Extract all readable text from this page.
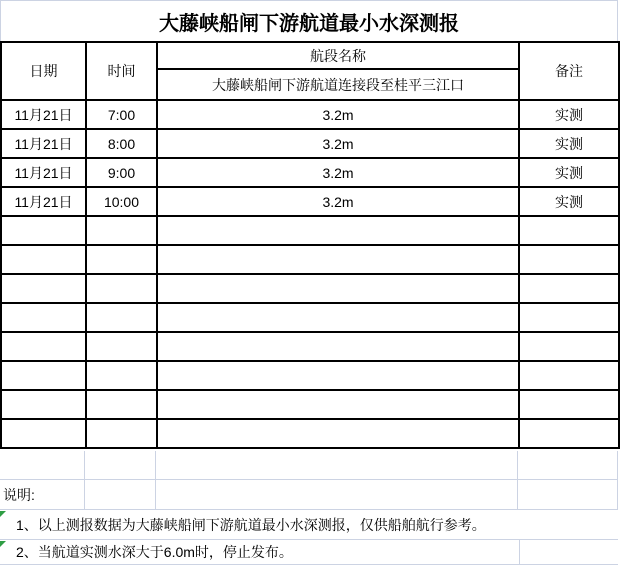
大藤峡船闸下游航道最小水深测报
日期	时间	航段名称	备注
		大藤峡船闸下游航道连接段至桂平三江口	
11月21日	7:00	3.2m	实测
11月21日	8:00	3.2m	实测
11月21日	9:00	3.2m	实测
11月21日	10:00	3.2m	实测

说明:
1、以上测报数据为大藤峡船闸下游航道最小水深测报，仅供船舶航行参考。
2、当航道实测水深大于6.0m时，停止发布。
